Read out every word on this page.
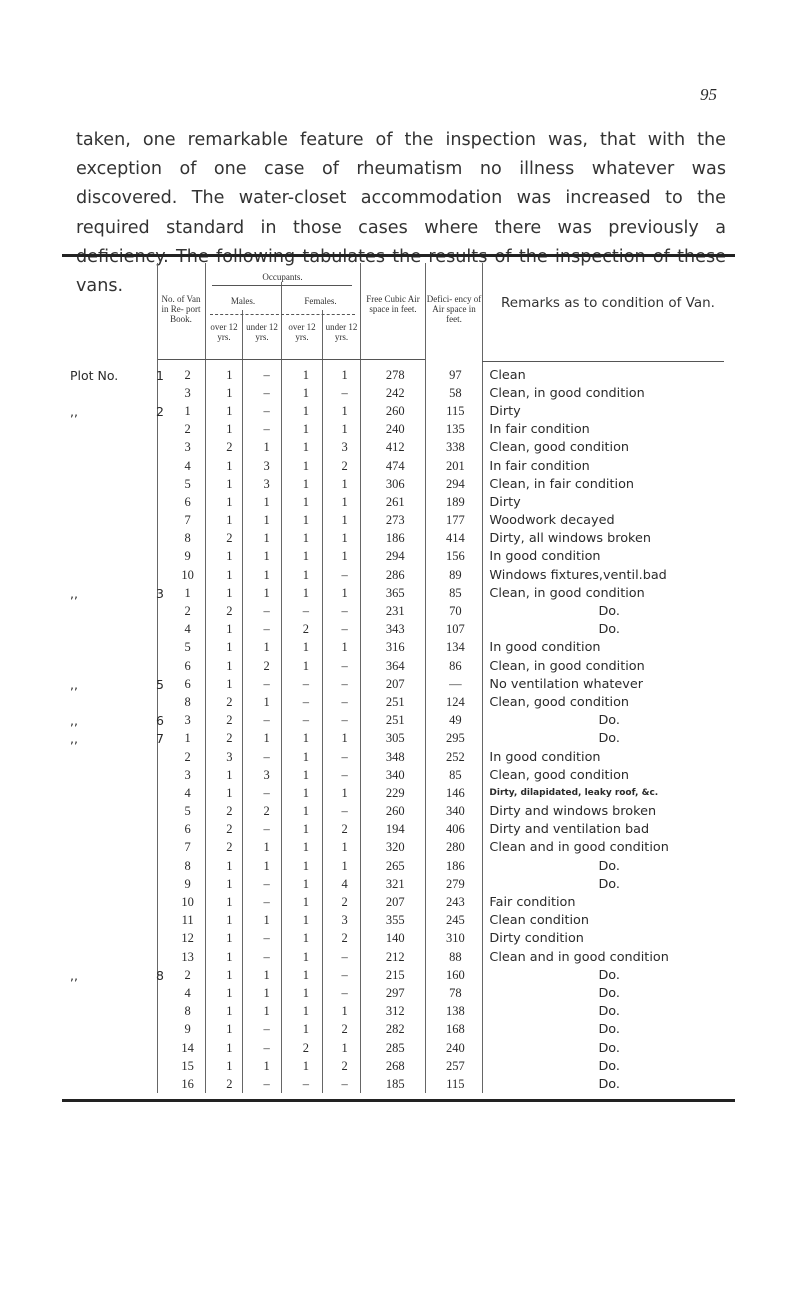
95
taken, one remarkable feature of the inspection was, that with the exception of one case of rheumatism no illness whatever was discovered. The water-closet accommodation was increased to the required standard in those cases where there was previously a vans.
No. of Van in Re- port Book.
Occupants.
Males.	Females.
over 12 yrs.
under 12 yrs.
over 12 yrs.
under 12 yrs.
Free Cubic Air space in feet.
Defici- ency of Air space in feet.
Remarks as to condition of Van.
Plot No. 1	2	1	–	1	1	278	97	Clean
	3	1	–	1	–	242	58	Clean, in good condition
,, 2	1	1	–	1	1	260	115	Dirty
	2	1	–	1	1	240	135	In fair condition
	3	2	1	1	3	412	338	Clean, good condition
	4	1	3	1	2	474	201	In fair condition
	5	1	3	1	1	306	294	Clean, in fair condition
	6	1	1	1	1	261	189	Dirty
	7	1	1	1	1	273	177	Woodwork decayed
	8	2	1	1	1	186	414	Dirty, all windows broken
	9	1	1	1	1	294	156	In good condition
	10	1	1	1	–	286	89	Windows fixtures,ventil.bad
,, 3	1	1	1	1	1	365	85	Clean, in good condition
	2	2	–	–	–	231	70	Do.
	4	1	–	2	–	343	107	Do.
	5	1	1	1	1	316	134	In good condition
	6	1	2	1	–	364	86	Clean, in good condition
,, 5	6	1	–	–	–	207	—	No ventilation whatever
	8	2	1	–	–	251	124	Clean, good condition
,, 6	3	2	–	–	–	251	49	Do.
,, 7	1	2	1	1	1	305	295	Do.
	2	3	–	1	–	348	252	In good condition
	3	1	3	1	–	340	85	Clean, good condition
	4	1	–	1	1	229	146	Dirty, dilapidated, leaky roof, &c.
	5	2	2	1	–	260	340	Dirty and windows broken
	6	2	–	1	2	194	406	Dirty and ventilation bad
	7	2	1	1	1	320	280	Clean and in good condition
	8	1	1	1	1	265	186	Do.
	9	1	–	1	4	321	279	Do.
	10	1	–	1	2	207	243	Fair condition
	11	1	1	1	3	355	245	Clean condition
	12	1	–	1	2	140	310	Dirty condition
	13	1	–	1	–	212	88	Clean and in good condition
,, 8	2	1	1	1	–	215	160	Do.
	4	1	1	1	–	297	78	Do.
	8	1	1	1	1	312	138	Do.
	9	1	–	1	2	282	168	Do.
	14	1	–	2	1	285	240	Do.
	15	1	1	1	2	268	257	Do.
	16	2	–	–	–	185	115	Do.
